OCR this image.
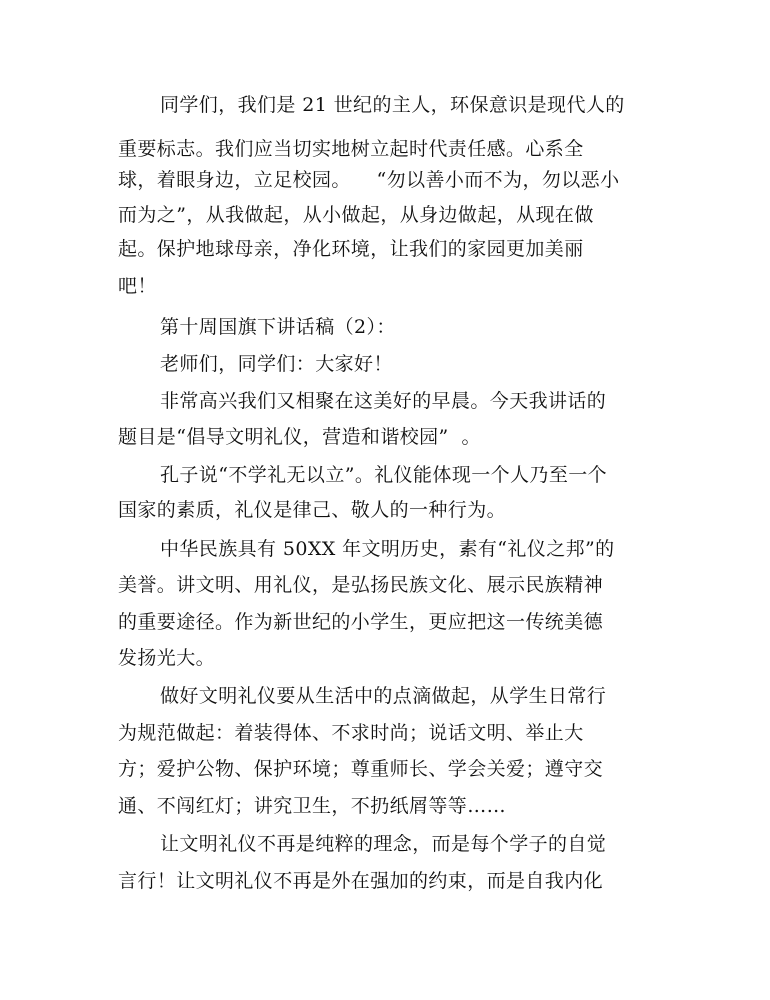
同学们，我们是 21 世纪的主人，环保意识是现代人的

重要标志。我们应当切实地树立起时代责任感。心系全

球，着眼身边，立足校园。    “勿以善小而不为，勿以恶小

而为之”，从我做起，从小做起，从身边做起，从现在做

起。保护地球母亲，净化环境，让我们的家园更加美丽

吧！

第十周国旗下讲话稿（2）：

老师们，同学们：大家好！

非常高兴我们又相聚在这美好的早晨。今天我讲话的

题目是“倡导文明礼仪，营造和谐校园”  。

孔子说“不学礼无以立”。礼仪能体现一个人乃至一个

国家的素质，礼仪是律己、敬人的一种行为。

中华民族具有 50XX 年文明历史，素有“礼仪之邦”的

美誉。讲文明、用礼仪，是弘扬民族文化、展示民族精神

的重要途径。作为新世纪的小学生，更应把这一传统美德

发扬光大。

做好文明礼仪要从生活中的点滴做起，从学生日常行

为规范做起：着装得体、不求时尚；说话文明、举止大

方；爱护公物、保护环境；尊重师长、学会关爱；遵守交

通、不闯红灯；讲究卫生，不扔纸屑等等……

让文明礼仪不再是纯粹的理念，而是每个学子的自觉

言行！让文明礼仪不再是外在强加的约束，而是自我内化
